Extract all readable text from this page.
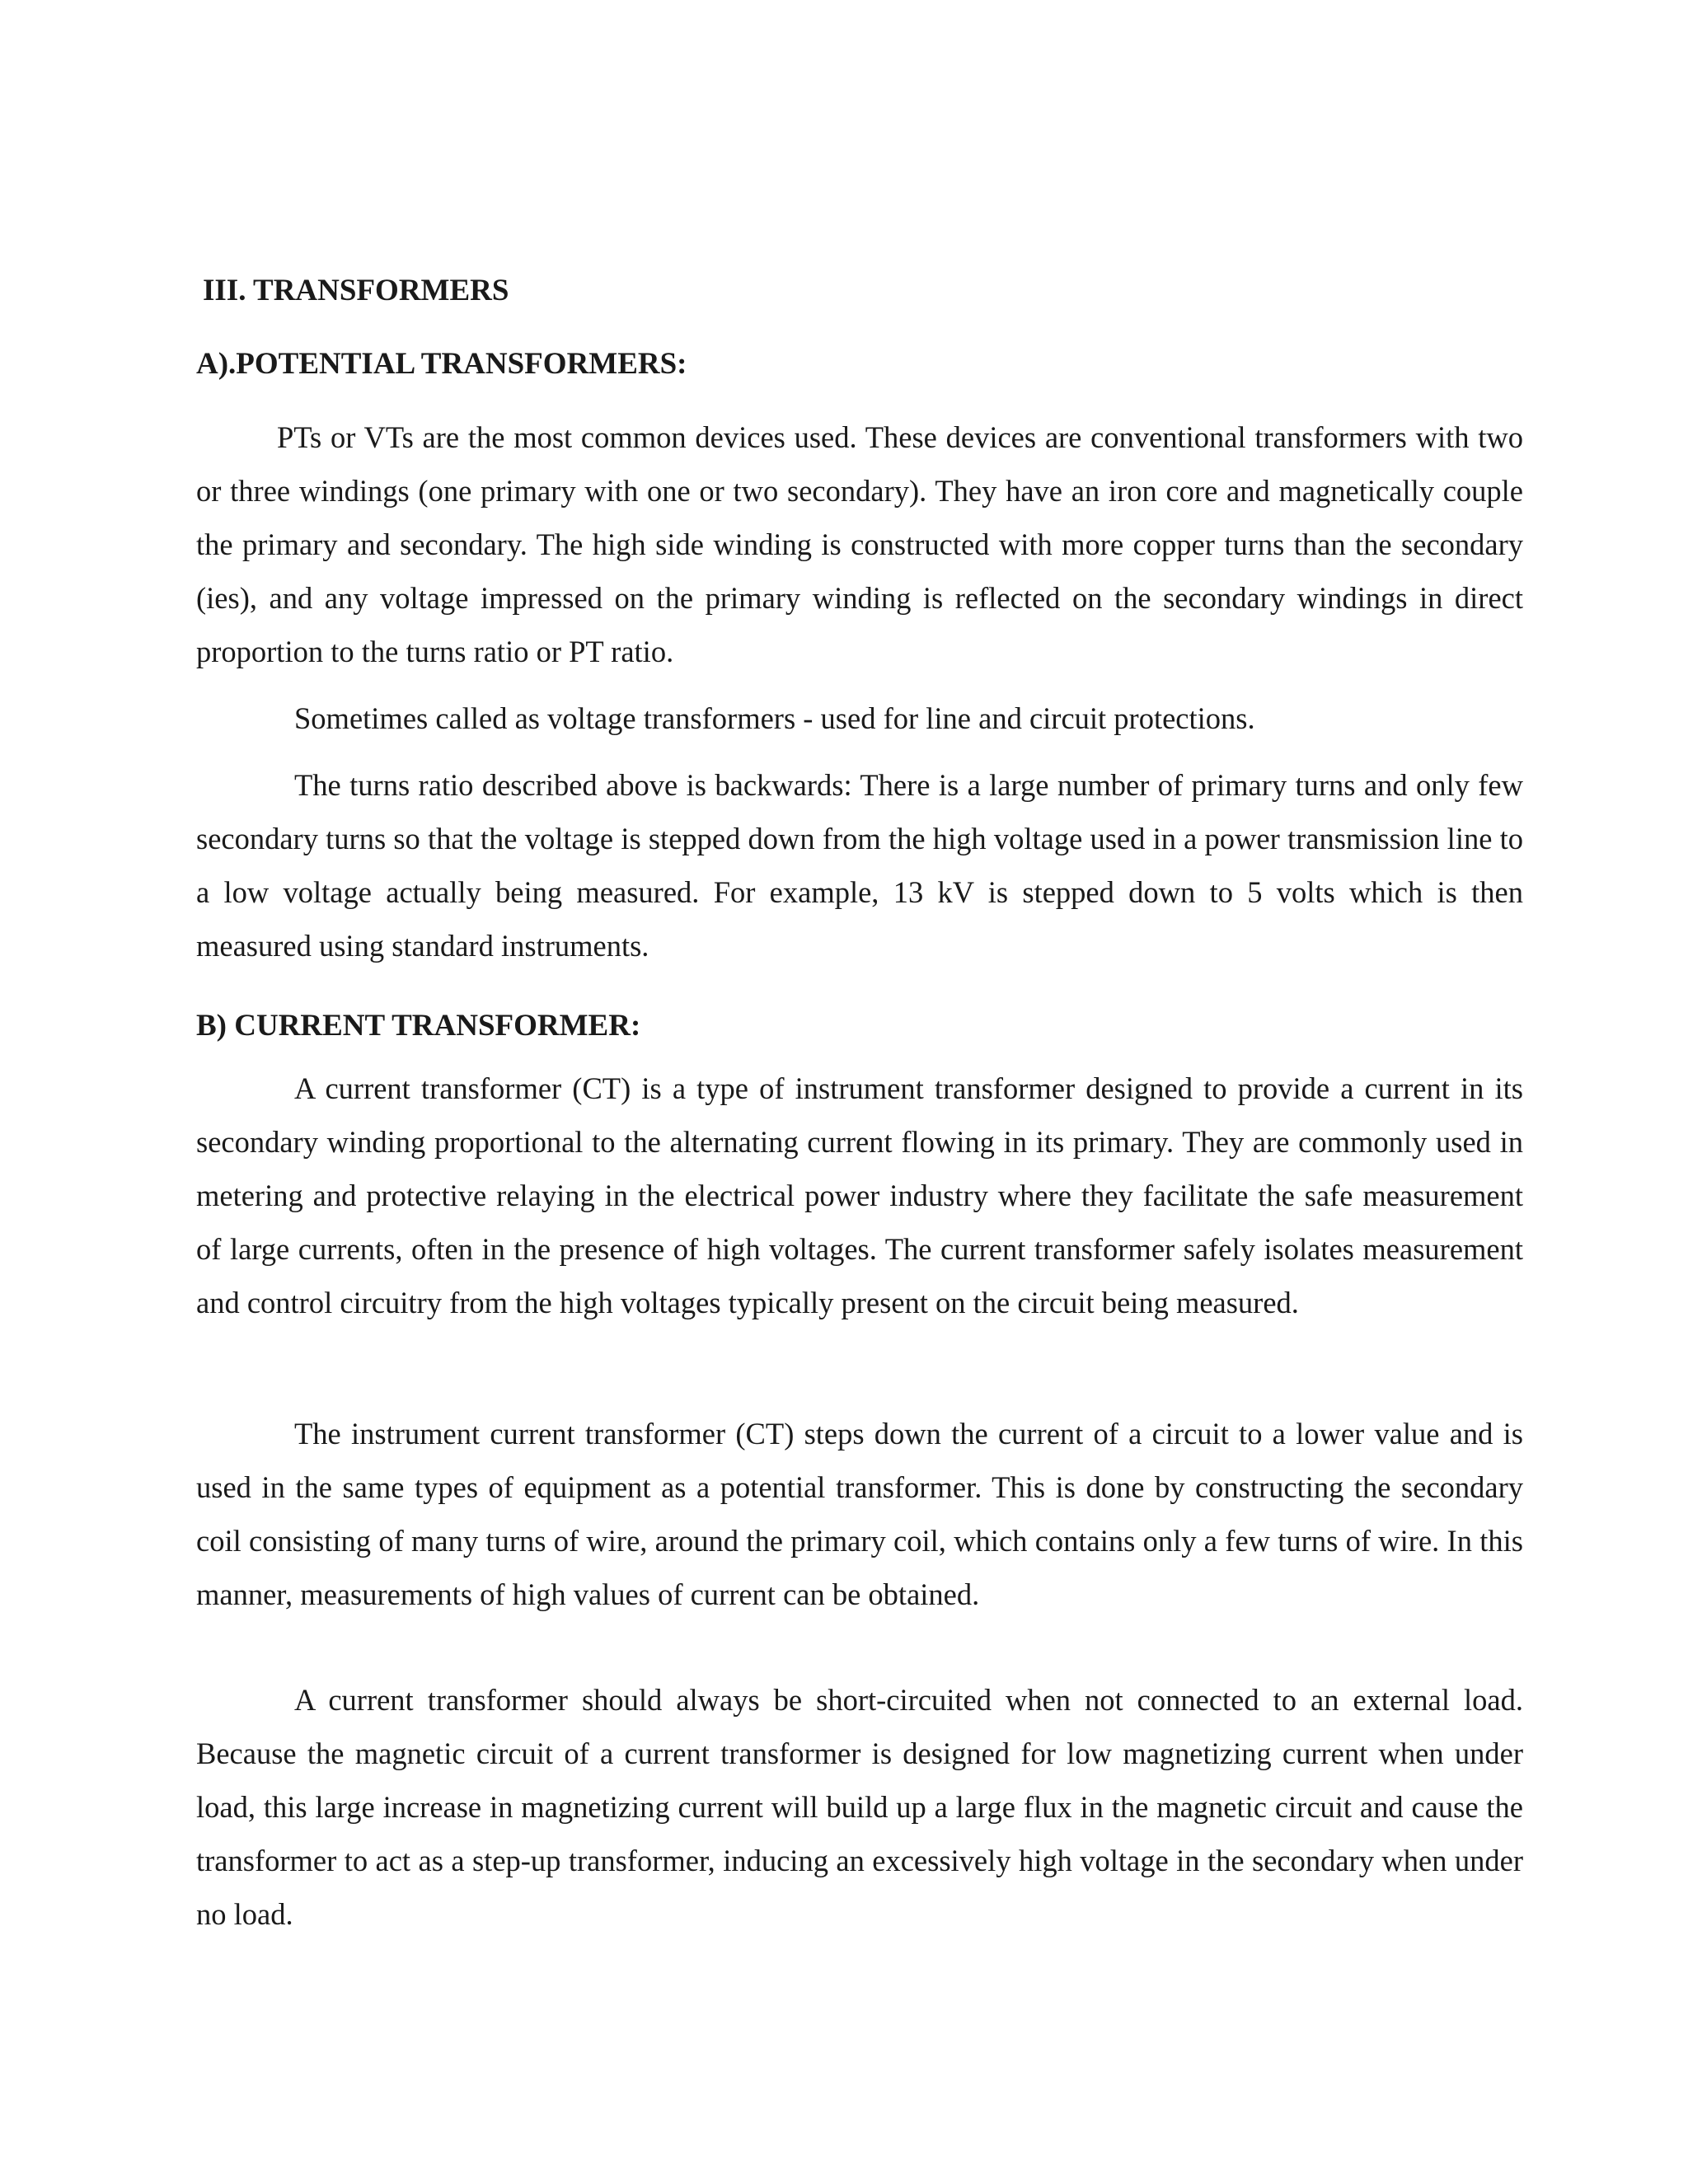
III. TRANSFORMERS
A).POTENTIAL TRANSFORMERS:

PTs or VTs are the most common devices used. These devices are conventional transformers with two or three windings (one primary with one or two secondary). They have an iron core and magnetically couple the primary and secondary. The high side winding is constructed with more copper turns than the secondary (ies), and any voltage impressed on the primary winding is reflected on the secondary windings in direct proportion to the turns ratio or PT ratio.

Sometimes called as voltage transformers - used for line and circuit protections.

The turns ratio described above is backwards: There is a large number of primary turns and only few secondary turns so that the voltage is stepped down from the high voltage used in a power transmission line to a low voltage actually being measured. For example, 13 kV is stepped down to 5 volts which is then measured using standard instruments.

B) CURRENT TRANSFORMER:

A current transformer (CT) is a type of instrument transformer designed to provide a current in its secondary winding proportional to the alternating current flowing in its primary. They are commonly used in metering and protective relaying in the electrical power industry where they facilitate the safe measurement of large currents, often in the presence of high voltages. The current transformer safely isolates measurement and control circuitry from the high voltages typically present on the circuit being measured.

The instrument current transformer (CT) steps down the current of a circuit to a lower value and is used in the same types of equipment as a potential transformer. This is done by constructing the secondary coil consisting of many turns of wire, around the primary coil, which contains only a few turns of wire. In this manner, measurements of high values of current can be obtained.

A current transformer should always be short-circuited when not connected to an external load. Because the magnetic circuit of a current transformer is designed for low magnetizing current when under load, this large increase in magnetizing current will build up a large flux in the magnetic circuit and cause the transformer to act as a step-up transformer, inducing an excessively high voltage in the secondary when under no load.
